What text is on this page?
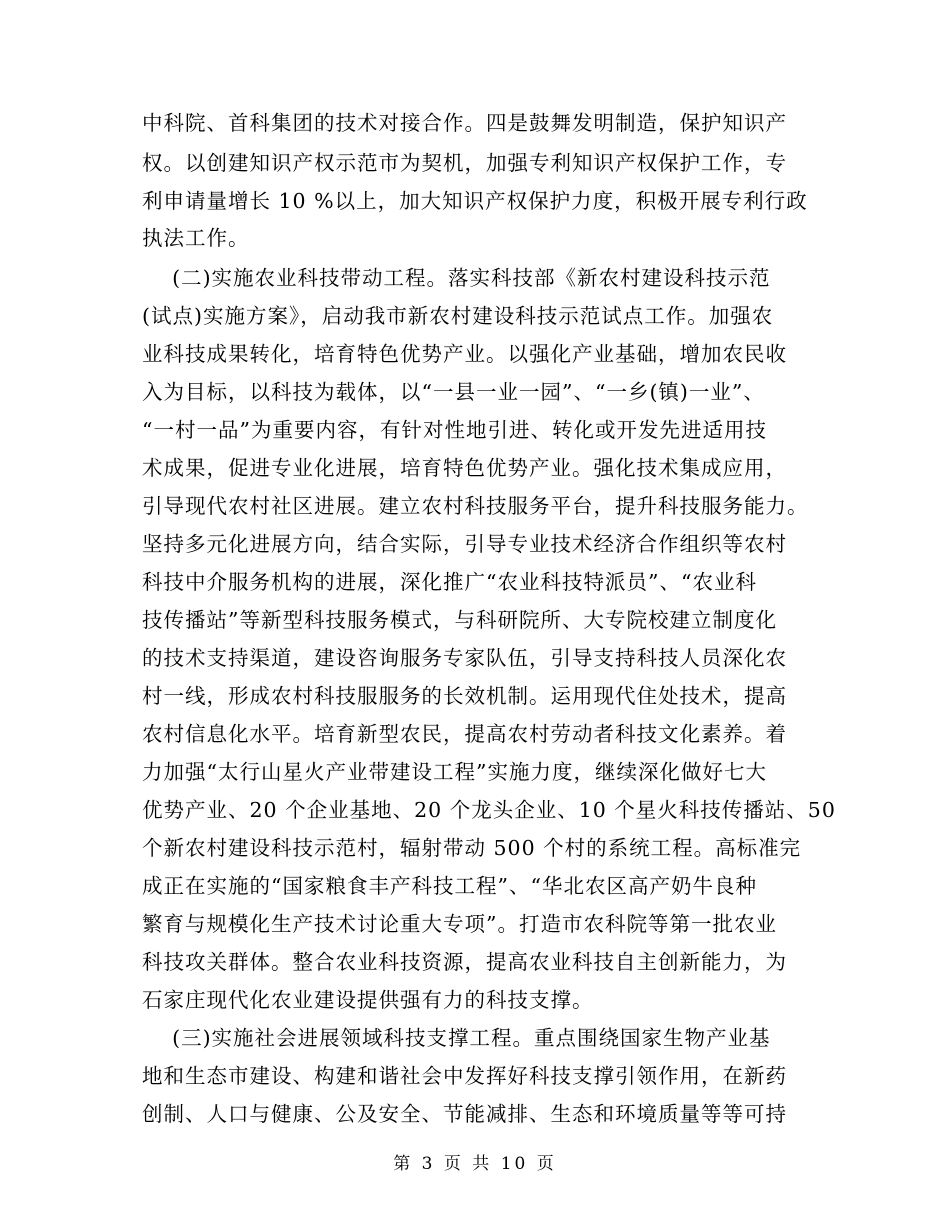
中科院、首科集团的技术对接合作。四是鼓舞发明制造，保护知识产
权。以创建知识产权示范市为契机，加强专利知识产权保护工作，专
利申请量增长 10 %以上，加大知识产权保护力度，积极开展专利行政
执法工作。
(二)实施农业科技带动工程。落实科技部《新农村建设科技示范
(试点)实施方案》，启动我市新农村建设科技示范试点工作。加强农
业科技成果转化，培育特色优势产业。以强化产业基础，增加农民收
入为目标，以科技为载体，以“一县一业一园”、“一乡(镇)一业”、
“一村一品”为重要内容，有针对性地引进、转化或开发先进适用技
术成果，促进专业化进展，培育特色优势产业。强化技术集成应用，
引导现代农村社区进展。建立农村科技服务平台，提升科技服务能力。
坚持多元化进展方向，结合实际，引导专业技术经济合作组织等农村
科技中介服务机构的进展，深化推广“农业科技特派员”、“农业科
技传播站”等新型科技服务模式，与科研院所、大专院校建立制度化
的技术支持渠道，建设咨询服务专家队伍，引导支持科技人员深化农
村一线，形成农村科技服服务的长效机制。运用现代住处技术，提高
农村信息化水平。培育新型农民，提高农村劳动者科技文化素养。着
力加强“太行山星火产业带建设工程”实施力度，继续深化做好七大
优势产业、20 个企业基地、20 个龙头企业、10 个星火科技传播站、50
个新农村建设科技示范村，辐射带动 500 个村的系统工程。高标准完
成正在实施的“国家粮食丰产科技工程”、“华北农区高产奶牛良种
繁育与规模化生产技术讨论重大专项”。打造市农科院等第一批农业
科技攻关群体。整合农业科技资源，提高农业科技自主创新能力，为
石家庄现代化农业建设提供强有力的科技支撑。
(三)实施社会进展领域科技支撑工程。重点围绕国家生物产业基
地和生态市建设、构建和谐社会中发挥好科技支撑引领作用，在新药
创制、人口与健康、公及安全、节能减排、生态和环境质量等等可持
第 3 页 共 10 页
